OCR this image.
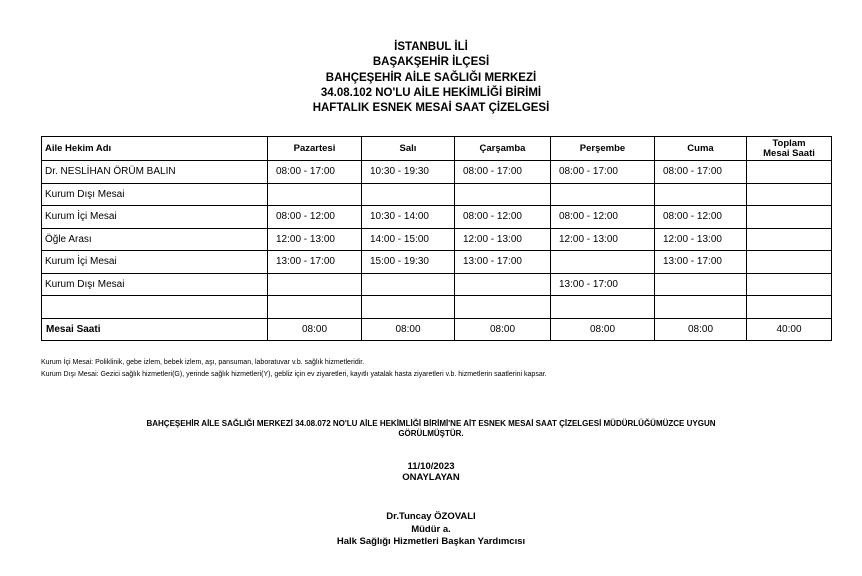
İSTANBUL İLİ
BAŞAKŞEHİR İLÇESİ
BAHÇEŞEHİR AİLE SAĞLIĞI MERKEZİ
34.08.102 NO'LU AİLE HEKİMLİĞİ BİRİMİ
HAFTALIK ESNEK MESAİ SAAT ÇİZELGESİ
Aile Hekim Adı	Pazartesi	Salı	Çarşamba	Perşembe	Cuma	Toplam
Mesai Saati

Dr. NESLİHAN ÖRÜM BALIN	08:00 - 17:00	10:30 - 19:30	08:00 - 17:00	08:00 - 17:00	08:00 - 17:00	
Kurum Dışı Mesai						
Kurum İçi Mesai	08:00 - 12:00	10:30 - 14:00	08:00 - 12:00	08:00 - 12:00	08:00 - 12:00	
Öğle Arası	12:00 - 13:00	14:00 - 15:00	12:00 - 13:00	12:00 - 13:00	12:00 - 13:00	
Kurum İçi Mesai	13:00 - 17:00	15:00 - 19:30	13:00 - 17:00		13:00 - 17:00	
Kurum Dışı Mesai				13:00 - 17:00		

Mesai Saati	08:00	08:00	08:00	08:00	08:00	40:00
Kurum İçi Mesai: Poliklinik, gebe izlem, bebek izlem, aşı, pansuman, laboratuvar v.b. sağlık hizmetleridir.
Kurum Dışı Mesai: Gezici sağlık hizmetleri(G), yerinde sağlık hizmetleri(Y), gebliz için ev ziyaretleri, kayıtlı yatalak hasta ziyaretleri v.b. hizmetlerin saatlerini kapsar.
BAHÇEŞEHİR AİLE SAĞLIĞI MERKEZİ 34.08.072 NO'LU AİLE HEKİMLİĞİ BİRİMİ'NE AİT ESNEK MESAİ SAAT ÇİZELGESİ MÜDÜRLÜĞÜMÜZCE UYGUN
GÖRÜLMÜŞTÜR.
11/10/2023
ONAYLAYAN
Dr.Tuncay ÖZOVALI
Müdür a.
Halk Sağlığı Hizmetleri Başkan Yardımcısı
